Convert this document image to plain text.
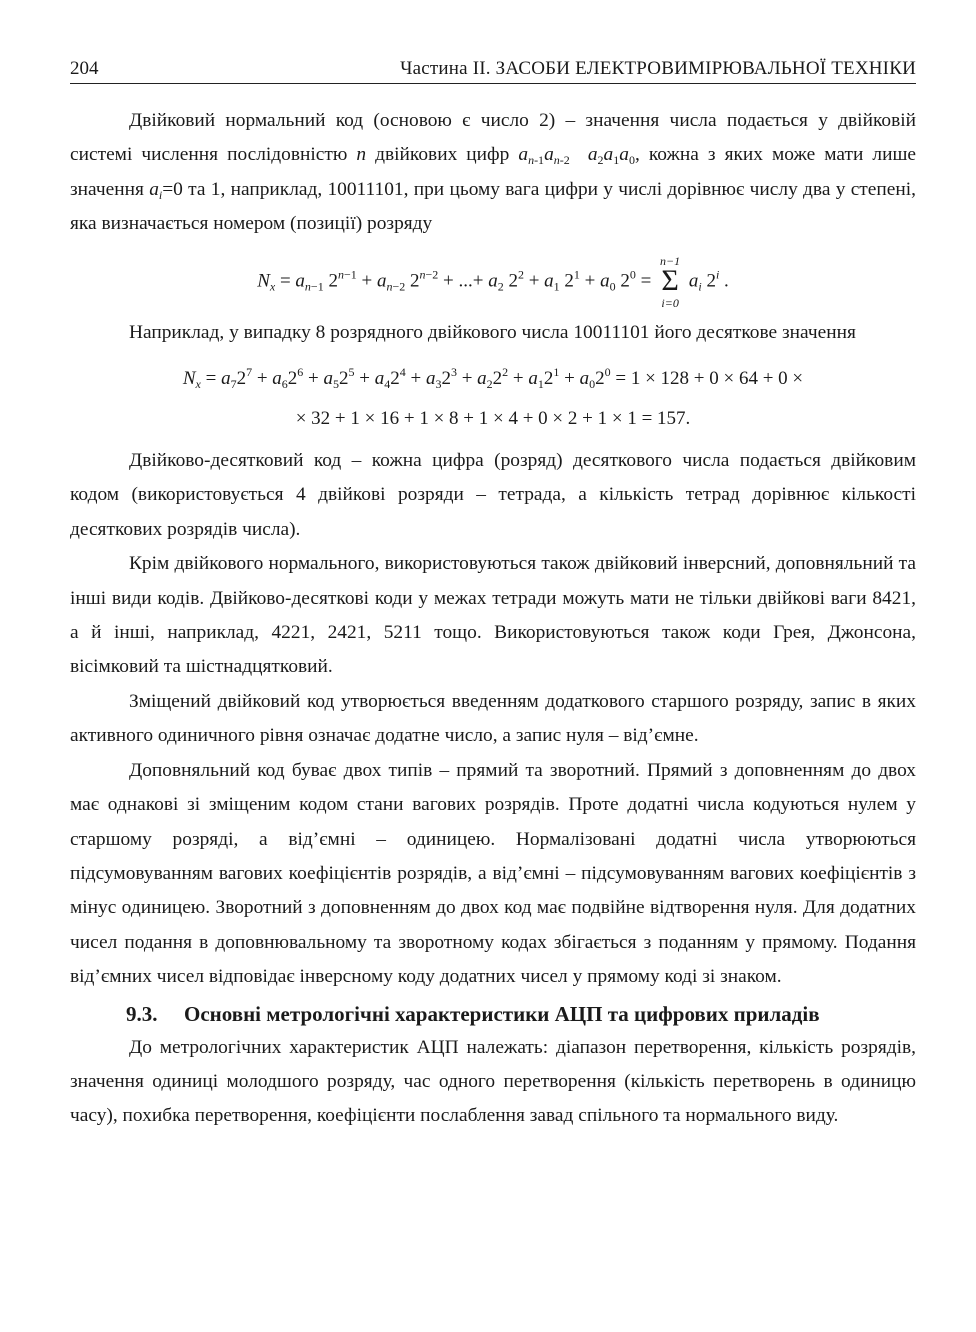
204	Частина II. ЗАСОБИ ЕЛЕКТРОВИМІРЮВАЛЬНОЇ ТЕХНІКИ

Двійковий нормальний код (основою є число 2) – значення числа подається у двійковій системі числення послідовністю n двійкових цифр $a_{n-1}a_{n-2}$ $a_2a_1a_0$, кожна з яких може мати лише значення $a_i=0$ та 1, наприклад, 10011101, при цьому вага цифри у числі дорівнює числу два у степені, яка визначається номером (позиції) розряду

$N_x = a_{n-1}$ $2^{n-1} + a_{n-2}$ $2^{n-2}$ + ...+ $a_2$ $2^2 + a_1$ $2^1 + a_0$ $2^0$ =
n−1
Σ
i=0
$a_i$ 2$^i$ .

Наприклад, у випадку 8 розрядного двійкового числа 10011101 його десяткове значення

$N_x = a_72^7 + a_62^6 + a_52^5 + a_42^4 + a_32^3 + a_22^2 + a_12^1 + a_02^0 = 1 \times 128 + 0 \times 64 + 0$ ×
× 32 + 1 × 16 + 1 × 8 + 1 × 4 + 0 × 2 + 1 × 1 = 157.

Двійково-десятковий код – кожна цифра (розряд) десяткового числа подається двійковим кодом (використовується 4 двійкові розряди – тетрада, а кількість тетрад дорівнює кількості десяткових розрядів числа).

Крім двійкового нормального, використовуються також двійковий інверсний, доповняльний та інші види кодів. Двійково-десяткові коди у межах тетради можуть мати не тільки двійкові ваги 8421, а й інші, наприклад, 4221, 2421, 5211 тощо. Використовуються також коди Грея, Джонсона, вісімковий та шістнадцятковий.

Зміщений двійковий код утворюється введенням додаткового старшого розряду, запис в яких активного одиничного рівня означає додатне число, а запис нуля – від’ємне.

Доповняльний код буває двох типів – прямий та зворотний. Прямий з доповненням до двох має однакові зі зміщеним кодом стани вагових розрядів. Проте додатні числа кодуються нулем у старшому розряді, а від’ємні – одиницею. Нормалізовані додатні числа утворюються підсумовуванням вагових коефіцієнтів розрядів, а від’ємні – підсумовуванням вагових коефіцієнтів з мінус одиницею. Зворотний з доповненням до двох код має подвійне відтворення нуля. Для додатних чисел подання в доповнювальному та зворотному кодах збігається з поданням у прямому. Подання від’ємних чисел відповідає інверсному коду додатних чисел у прямому коді зі знаком.

9.3.	Основні метрологічні характеристики АЦП та цифрових приладів

До метрологічних характеристик АЦП належать: діапазон перетворення, кількість розрядів, значення одиниці молодшого розряду, час одного перетворення (кількість перетворень в одиницю часу), похибка перетворення, коефіцієнти послаблення завад спільного та нормального виду.
